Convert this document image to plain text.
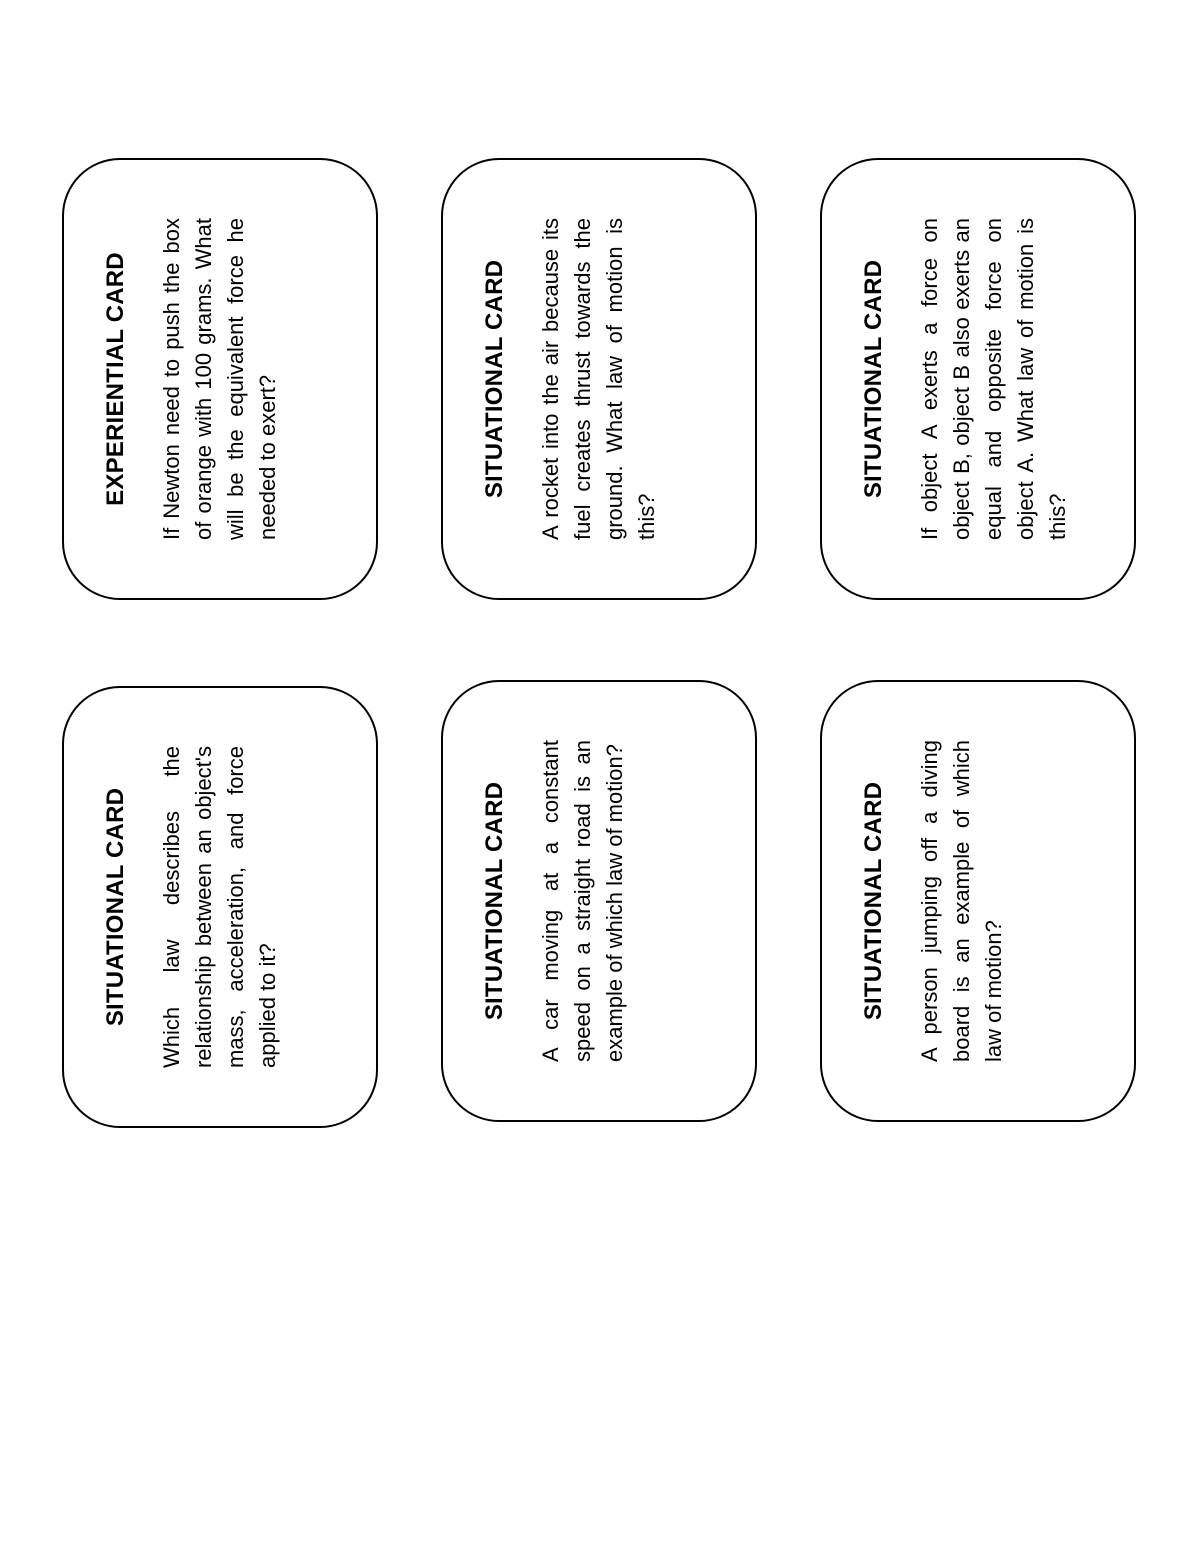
EXPERIENTIAL CARD If Newton need to push the box of orange with 100 grams. What will be the equivalent force he needed to exert?

SITUATIONAL CARD Which law describes the relationship between an object's mass, acceleration, and force applied to it?

SITUATIONAL CARD A rocket into the air because its fuel creates thrust towards the ground. What law of motion is this?

SITUATIONAL CARD A car moving at a constant speed on a straight road is an example of which law of motion?

SITUATIONAL CARD If object A exerts a force on object B, object B also exerts an equal and opposite force on object A. What law of motion is this?

SITUATIONAL CARD A person jumping off a diving board is an example of which law of motion?
